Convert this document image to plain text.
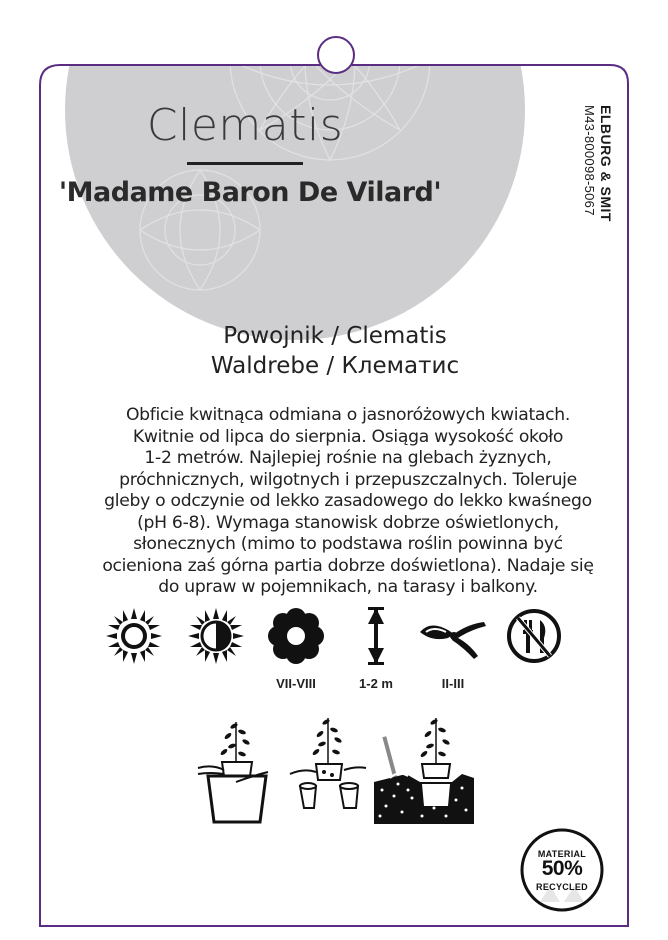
Clematis
'Madame Baron De Vilard'	ELBURG & SMIT
M43-800098-5067
Powojnik / Clematis
Waldrebe / Клематис
Obficie kwitnąca odmiana o jasnoróżowych kwiatach.
Kwitnie od lipca do sierpnia. Osiąga wysokość około
1-2 metrów. Najlepiej rośnie na glebach żyznych,
próchnicznych, wilgotnych i przepuszczalnych. Toleruje
gleby o odczynie od lekko zasadowego do lekko kwaśnego
(pH 6-8). Wymaga stanowisk dobrze oświetlonych,
słonecznych (mimo to podstawa roślin powinna być
ocieniona zaś górna partia dobrze doświetlona). Nadaje się
do upraw w pojemnikach, na tarasy i balkony.
VII-VIII	1-2 m	II-III
MATERIAL
50%
RECYCLED
